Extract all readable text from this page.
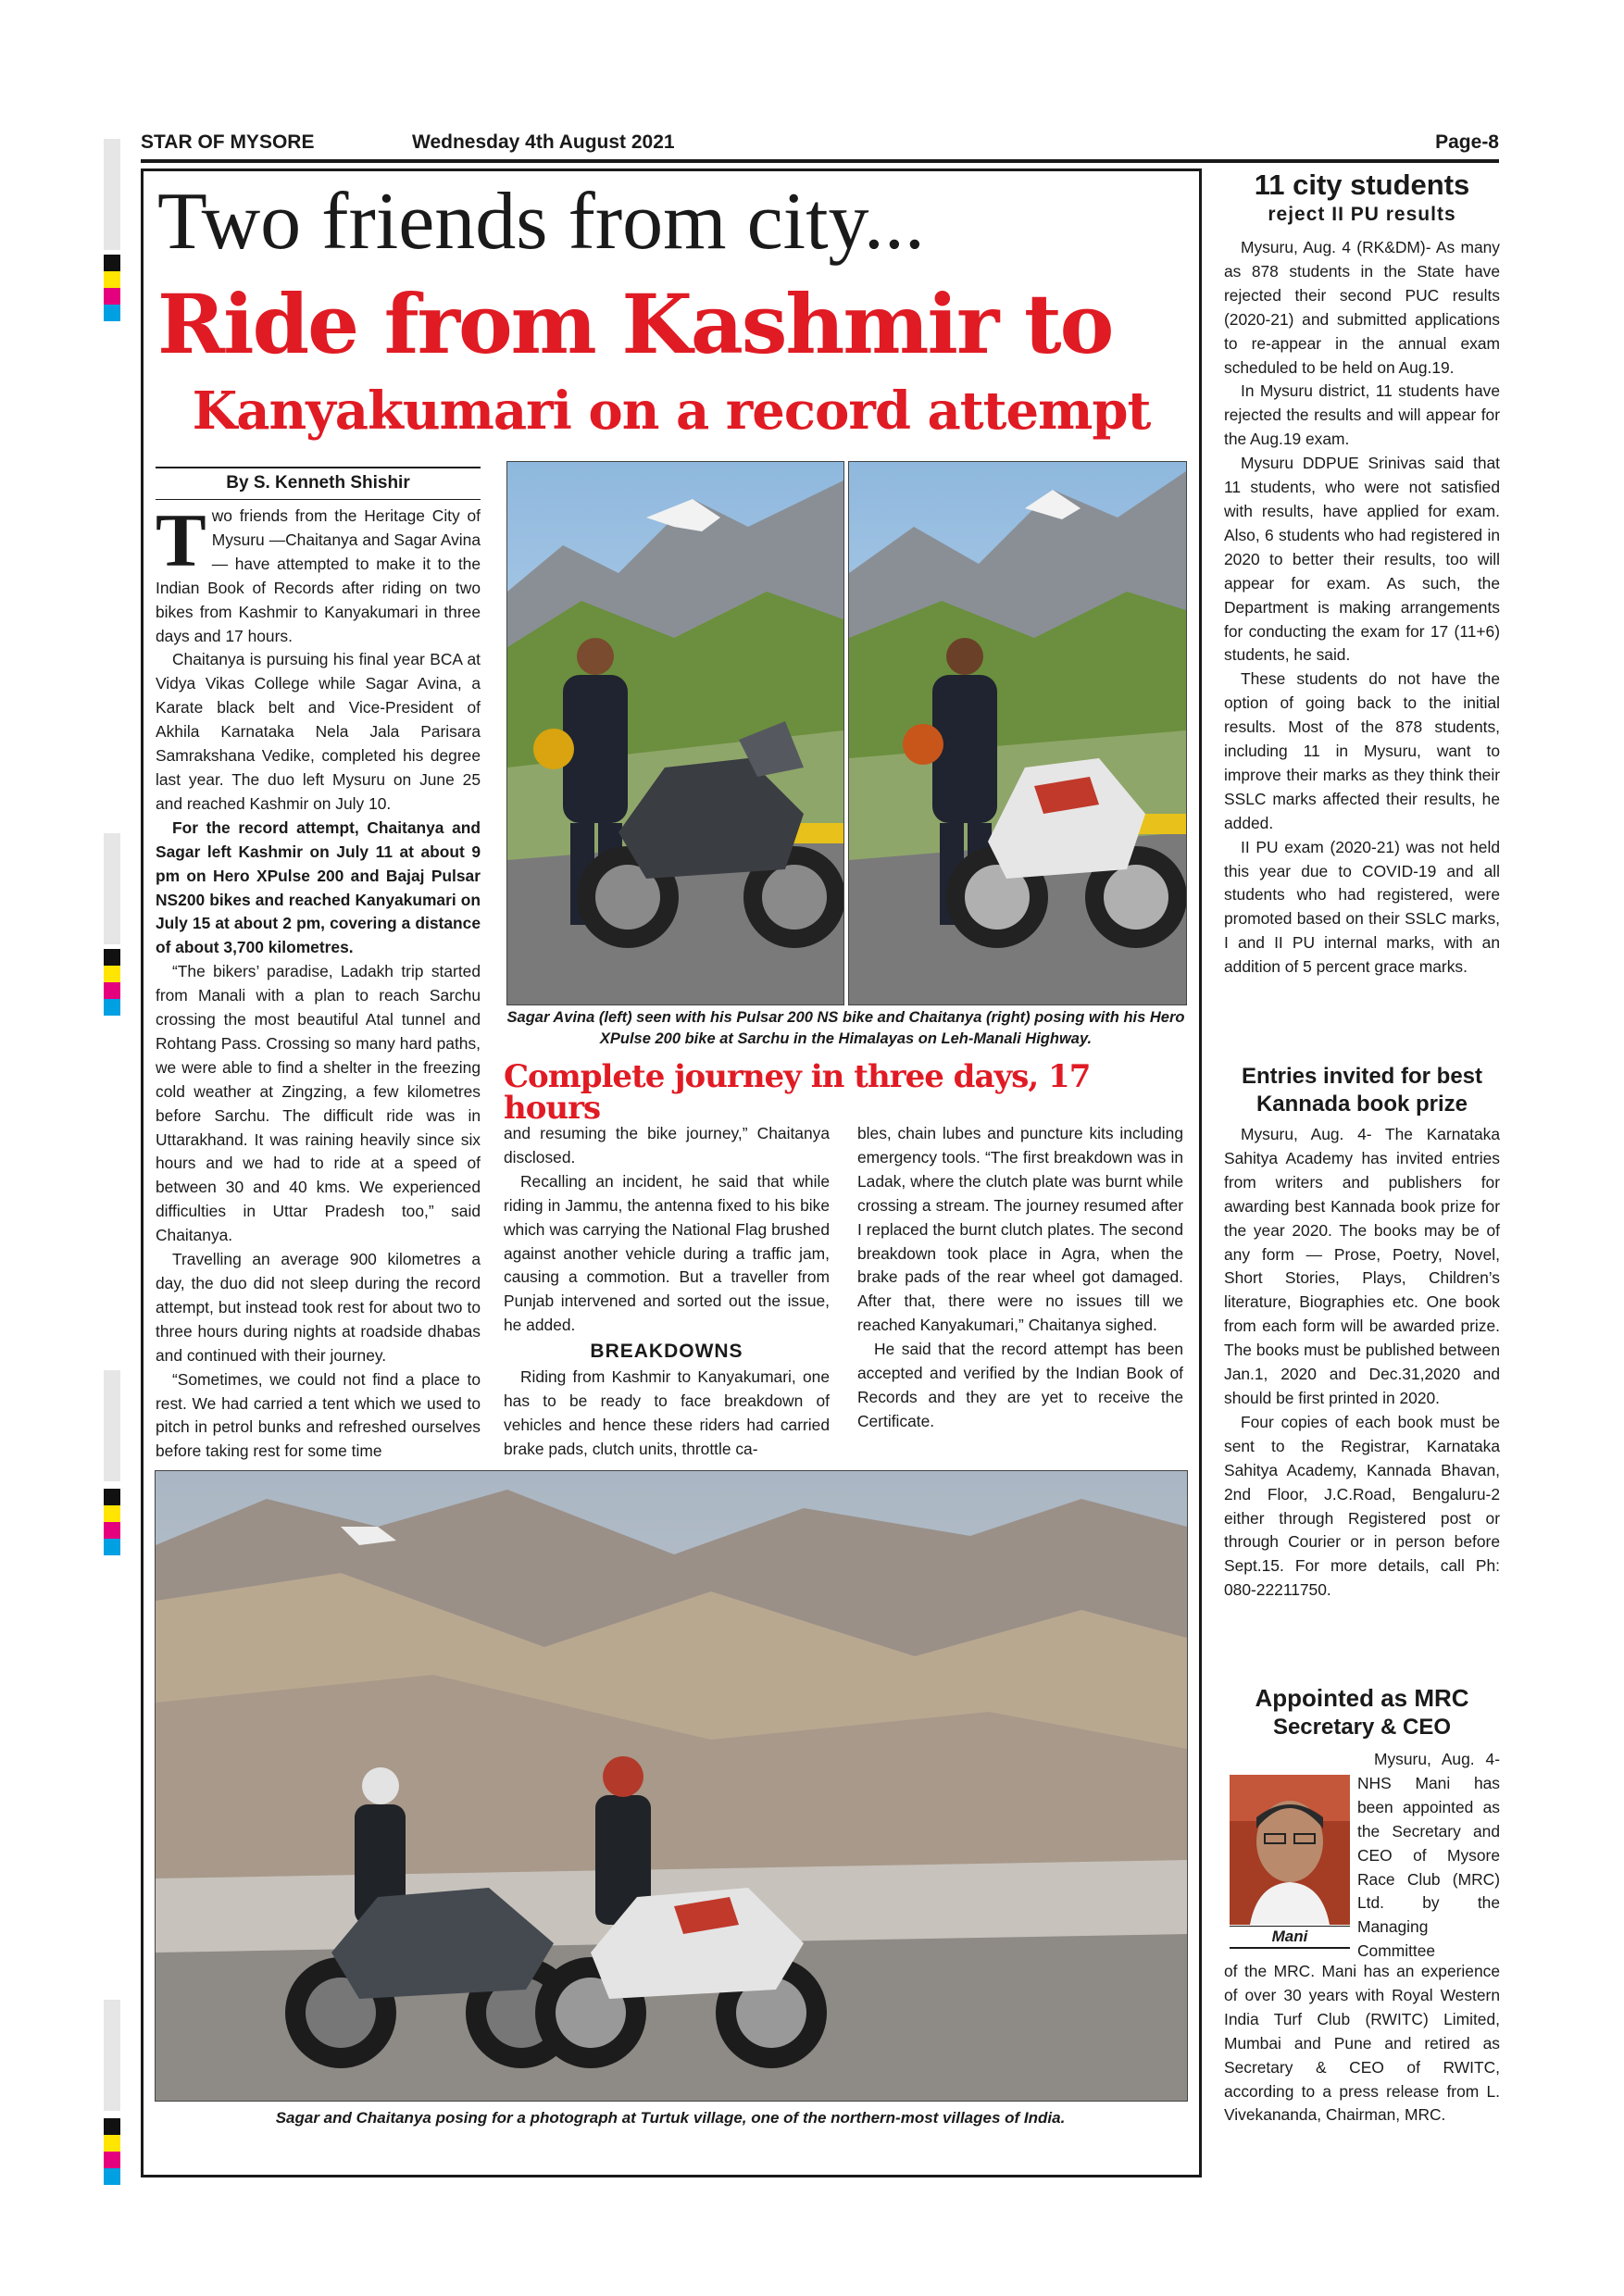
STAR OF MYSORE	Wednesday 4th August 2021	Page-8
Two friends from city...
Ride from Kashmir to
Kanyakumari on a record attempt
By S. Kenneth Shishir
T wo friends from the Heritage City of Mysuru —Chaitanya and Sagar Avina — have attempted to make it to the Indian Book of Records after riding on two bikes from Kashmir to Kanyakumari in three days and 17 hours.

Chaitanya is pursuing his final year BCA at Vidya Vikas College while Sagar Avina, a Karate black belt and Vice-President of Akhila Karnataka Nela Jala Parisara Samrakshana Vedike, completed his degree last year. The duo left Mysuru on June 25 and reached Kashmir on July 10.

For the record attempt, Chaitanya and Sagar left Kashmir on July 11 at about 9 pm on Hero XPulse 200 and Bajaj Pulsar NS200 bikes and reached Kanyakumari on July 15 at about 2 pm, covering a distance of about 3,700 kilometres.

“The bikers’ paradise, Ladakh trip started from Manali with a plan to reach Sarchu crossing the most beautiful Atal tunnel and Rohtang Pass. Crossing so many hard paths, we were able to find a shelter in the freezing cold weather at Zingzing, a few kilometres before Sarchu. The difficult ride was in Uttarakhand. It was raining heavily since six hours and we had to ride at a speed of between 30 and 40 kms. We experienced difficulties in Uttar Pradesh too,” said Chaitanya.

Travelling an average 900 kilometres a day, the duo did not sleep during the record attempt, but instead took rest for about two to three hours during nights at roadside dhabas and continued with their journey.

“Sometimes, we could not find a place to rest. We had carried a tent which we used to pitch in petrol bunks and refreshed ourselves before taking rest for some time

Sagar Avina (left) seen with his Pulsar 200 NS bike and Chaitanya (right) posing with his Hero XPulse 200 bike at Sarchu in the Himalayas on Leh-Manali Highway.
Complete journey in three days, 17 hours

and resuming the bike journey,” Chaitanya disclosed.

Recalling an incident, he said that while riding in Jammu, the antenna fixed to his bike which was carrying the National Flag brushed against another vehicle during a traffic jam, causing a commotion. But a traveller from Punjab intervened and sorted out the issue, he added.

BREAKDOWNS

Riding from Kashmir to Kanyakumari, one has to be ready to face breakdown of vehicles and hence these riders had carried brake pads, clutch units, throttle ca-

bles, chain lubes and puncture kits including emergency tools. “The first breakdown was in Ladak, where the clutch plate was burnt while crossing a stream. The journey resumed after I replaced the burnt clutch plates. The second breakdown took place in Agra, when the brake pads of the rear wheel got damaged. After that, there were no issues till we reached Kanyakumari,” Chaitanya sighed.

He said that the record attempt has been accepted and verified by the Indian Book of Records and they are yet to receive the Certificate.

Sagar and Chaitanya posing for a photograph at Turtuk village, one of the northern-most villages of India.
11 city students
reject II PU results

Mysuru, Aug. 4 (RK&DM)- As many as 878 students in the State have rejected their second PUC results (2020-21) and submitted applications to re-appear in the annual exam scheduled to be held on Aug.19.

In Mysuru district, 11 students have rejected the results and will appear for the Aug.19 exam.

Mysuru DDPUE Srinivas said that 11 students, who were not satisfied with results, have applied for exam. Also, 6 students who had registered in 2020 to better their results, too will appear for exam. As such, the Department is making arrangements for conducting the exam for 17 (11+6) students, he said.

These students do not have the option of going back to the initial results. Most of the 878 students, including 11 in Mysuru, want to improve their marks as they think their SSLC marks affected their results, he added.

II PU exam (2020-21) was not held this year due to COVID-19 and all students who had registered, were promoted based on their SSLC marks, I and II PU internal marks, with an addition of 5 percent grace marks.

Entries invited for best Kannada book prize

Mysuru, Aug. 4- The Karnataka Sahitya Academy has invited entries from writers and publishers for awarding best Kannada book prize for the year 2020. The books may be of any form — Prose, Poetry, Novel, Short Stories, Plays, Children’s literature, Biographies etc. One book from each form will be awarded prize. The books must be published between Jan.1, 2020 and Dec.31,2020 and should be first printed in 2020.

Four copies of each book must be sent to the Registrar, Karnataka Sahitya Academy, Kannada Bhavan, 2nd Floor, J.C.Road, Bengaluru-2 either through Registered post or through Courier or in person before Sept.15. For more details, call Ph: 080-22211750.

Appointed as MRC
Secretary & CEO
Mani

Mysuru, Aug. 4- NHS Mani has been appointed as the Secretary and CEO of Mysore Race Club (MRC) Ltd. by the Managing Committee

of the MRC. Mani has an experience of over 30 years with Royal Western India Turf Club (RWITC) Limited, Mumbai and Pune and retired as Secretary & CEO of RWITC, according to a press release from L. Vivekananda, Chairman, MRC.
